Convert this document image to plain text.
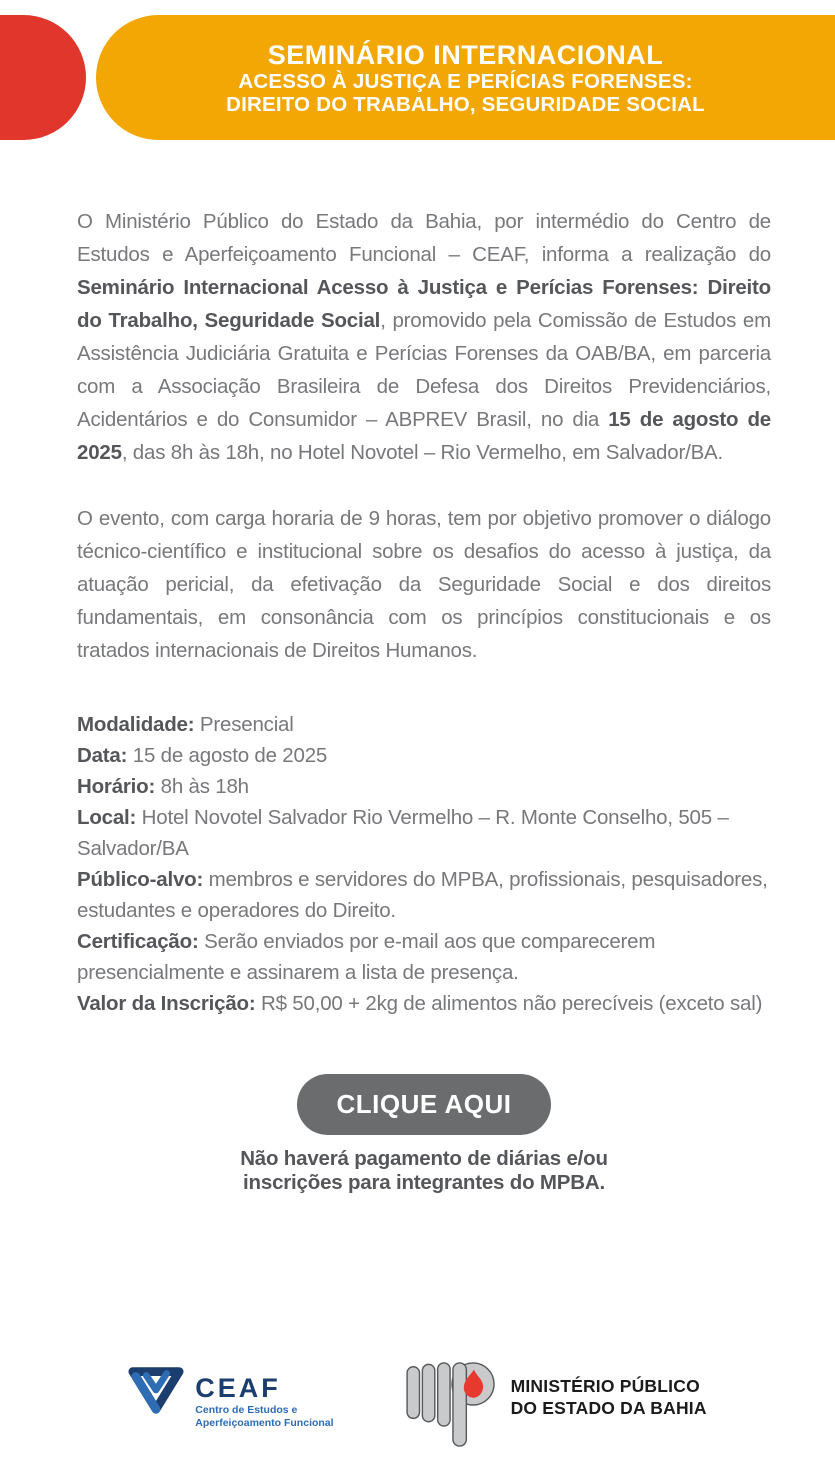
SEMINÁRIO INTERNACIONAL
ACESSO À JUSTIÇA E PERÍCIAS FORENSES:
DIREITO DO TRABALHO, SEGURIDADE SOCIAL

O Ministério Público do Estado da Bahia, por intermédio do Centro de Estudos e Aperfeiçoamento Funcional – CEAF, informa a realização do Seminário Internacional Acesso à Justiça e Perícias Forenses: Direito do Trabalho, Seguridade Social, promovido pela Comissão de Estudos em Assistência Judiciária Gratuita e Perícias Forenses da OAB/BA, em parceria com a Associação Brasileira de Defesa dos Direitos Previdenciários, Acidentários e do Consumidor – ABPREV Brasil, no dia 15 de agosto de 2025, das 8h às 18h, no Hotel Novotel – Rio Vermelho, em Salvador/BA.

O evento, com carga horaria de 9 horas, tem por objetivo promover o diálogo técnico-científico e institucional sobre os desafios do acesso à justiça, da atuação pericial, da efetivação da Seguridade Social e dos direitos fundamentais, em consonância com os princípios constitucionais e os tratados internacionais de Direitos Humanos.

Modalidade: Presencial
Data: 15 de agosto de 2025
Horário: 8h às 18h
Local: Hotel Novotel Salvador Rio Vermelho – R. Monte Conselho, 505 – Salvador/BA
Público-alvo: membros e servidores do MPBA, profissionais, pesquisadores, estudantes e operadores do Direito.
Certificação: Serão enviados por e-mail aos que comparecerem presencialmente e assinarem a lista de presença.
Valor da Inscrição: R$ 50,00 + 2kg de alimentos não perecíveis (exceto sal)
CLIQUE AQUI
Não haverá pagamento de diárias e/ou
inscrições para integrantes do MPBA.
CEAF
Centro de Estudos e
Aperfeiçoamento Funcional
MINISTÉRIO PÚBLICO
DO ESTADO DA BAHIA
